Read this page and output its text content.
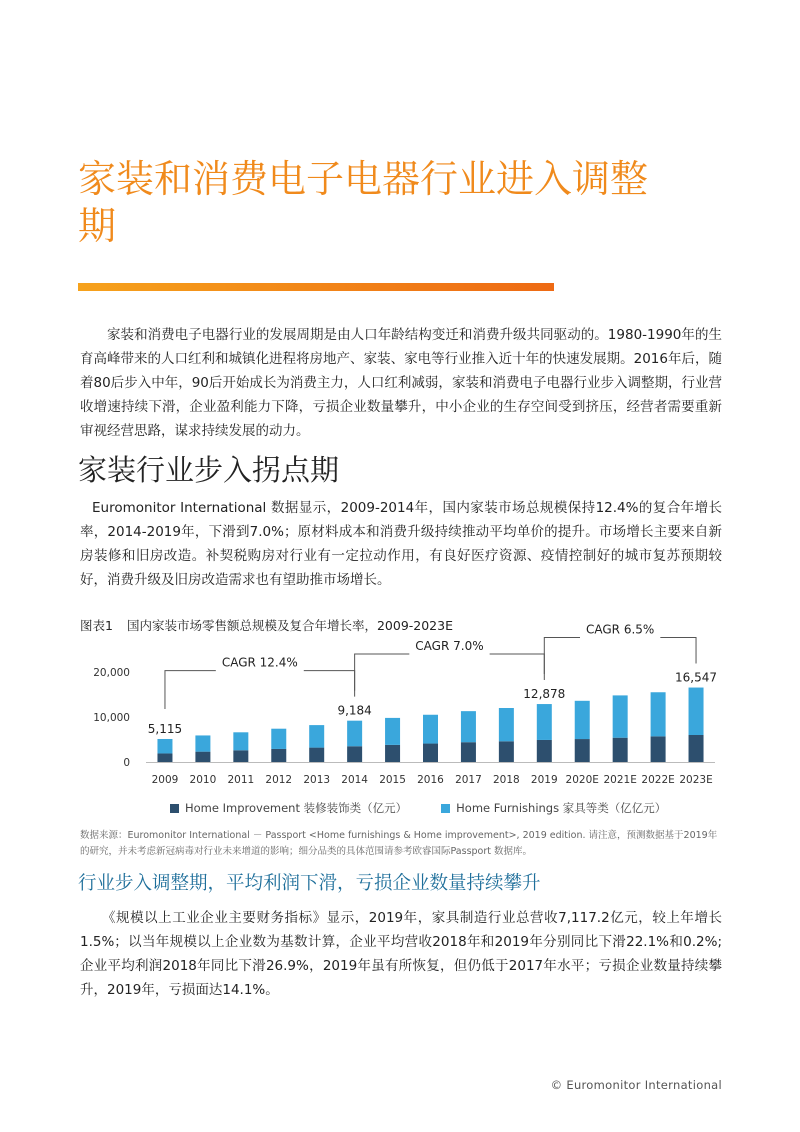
家装和消费电子电器行业进入调整期

家装和消费电子电器行业的发展周期是由人口年龄结构变迁和消费升级共同驱动的。1980-1990年的生育高峰带来的人口红利和城镇化进程将房地产、家装、家电等行业推入近十年的快速发展期。2016年后，随着80后步入中年，90后开始成长为消费主力，人口红利减弱，家装和消费电子电器行业步入调整期，行业营收增速持续下滑，企业盈利能力下降，亏损企业数量攀升，中小企业的生存空间受到挤压，经营者需要重新审视经营思路，谋求持续发展的动力。

家装行业步入拐点期

Euromonitor International 数据显示，2009-2014年，国内家装市场总规模保持12.4%的复合年增长率，2014-2019年，下滑到7.0%；原材料成本和消费升级持续推动平均单价的提升。市场增长主要来自新房装修和旧房改造。补契税购房对行业有一定拉动作用，有良好医疗资源、疫情控制好的城市复苏预期较好，消费升级及旧房改造需求也有望助推市场增长。

图表1 国内家装市场零售额总规模及复合年增长率，2009-2023E
20,000
10,000
0
2009 2010 2011 2012 2013 2014 2015 2016 2017 2018 2019 2020E 2021E 2022E 2023E
5,115
9,184
12,878
16,547
CAGR 12.4%
CAGR 7.0%
CAGR 6.5%
Home Improvement 装修装饰类（亿元）	Home Furnishings 家具等类（亿亿元）

数据来源：Euromonitor International － Passport <Home furnishings & Home improvement>, 2019 edition. 请注意，预测数据基于2019年的研究，并未考虑新冠病毒对行业未来增道的影响；细分品类的具体范围请参考欧睿国际Passport 数据库。

行业步入调整期，平均利润下滑，亏损企业数量持续攀升

《规模以上工业企业主要财务指标》显示，2019年，家具制造行业总营收7,117.2亿元，较上年增长1.5%；以当年规模以上企业数为基数计算，企业平均营收2018年和2019年分别同比下滑22.1%和0.2%; 企业平均利润2018年同比下滑26.9%，2019年虽有所恢复，但仍低于2017年水平；亏损企业数量持续攀升，2019年，亏损面达14.1%。

© Euromonitor International
